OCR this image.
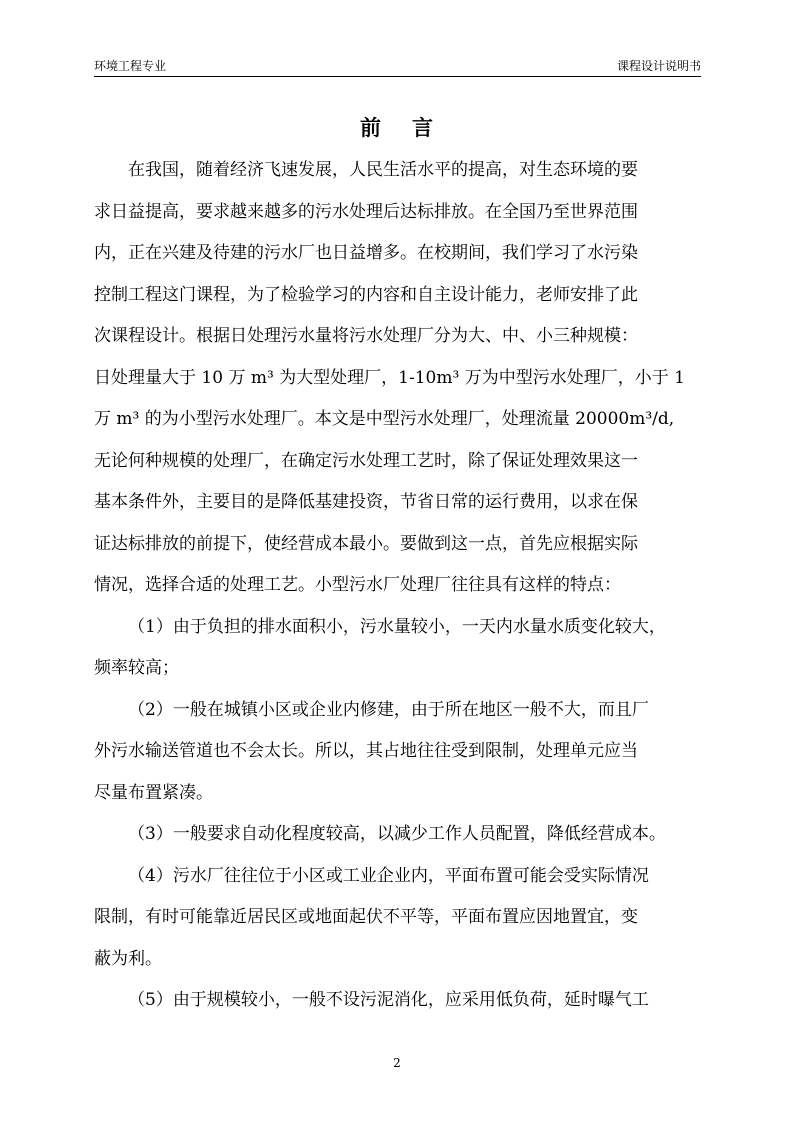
环境工程专业	课程设计说明书
前 言
在我国，随着经济飞速发展，人民生活水平的提高，对生态环境的要
求日益提高，要求越来越多的污水处理后达标排放。在全国乃至世界范围
内，正在兴建及待建的污水厂也日益增多。在校期间，我们学习了水污染
控制工程这门课程，为了检验学习的内容和自主设计能力，老师安排了此
次课程设计。根据日处理污水量将污水处理厂分为大、中、小三种规模：
日处理量大于 10 万 m³ 为大型处理厂，1-10m³ 万为中型污水处理厂，小于 1
万 m³ 的为小型污水处理厂。本文是中型污水处理厂，处理流量 20000m³/d,
无论何种规模的处理厂，在确定污水处理工艺时，除了保证处理效果这一
基本条件外，主要目的是降低基建投资，节省日常的运行费用，以求在保
证达标排放的前提下，使经营成本最小。要做到这一点，首先应根据实际
情况，选择合适的处理工艺。小型污水厂处理厂往往具有这样的特点：
（1）由于负担的排水面积小，污水量较小，一天内水量水质变化较大，
频率较高；
（2）一般在城镇小区或企业内修建，由于所在地区一般不大，而且厂
外污水输送管道也不会太长。所以，其占地往往受到限制，处理单元应当
尽量布置紧凑。
（3）一般要求自动化程度较高，以减少工作人员配置，降低经营成本。
（4）污水厂往往位于小区或工业企业内，平面布置可能会受实际情况
限制，有时可能靠近居民区或地面起伏不平等，平面布置应因地置宜，变
蔽为利。
（5）由于规模较小，一般不设污泥消化，应采用低负荷，延时曝气工
2
